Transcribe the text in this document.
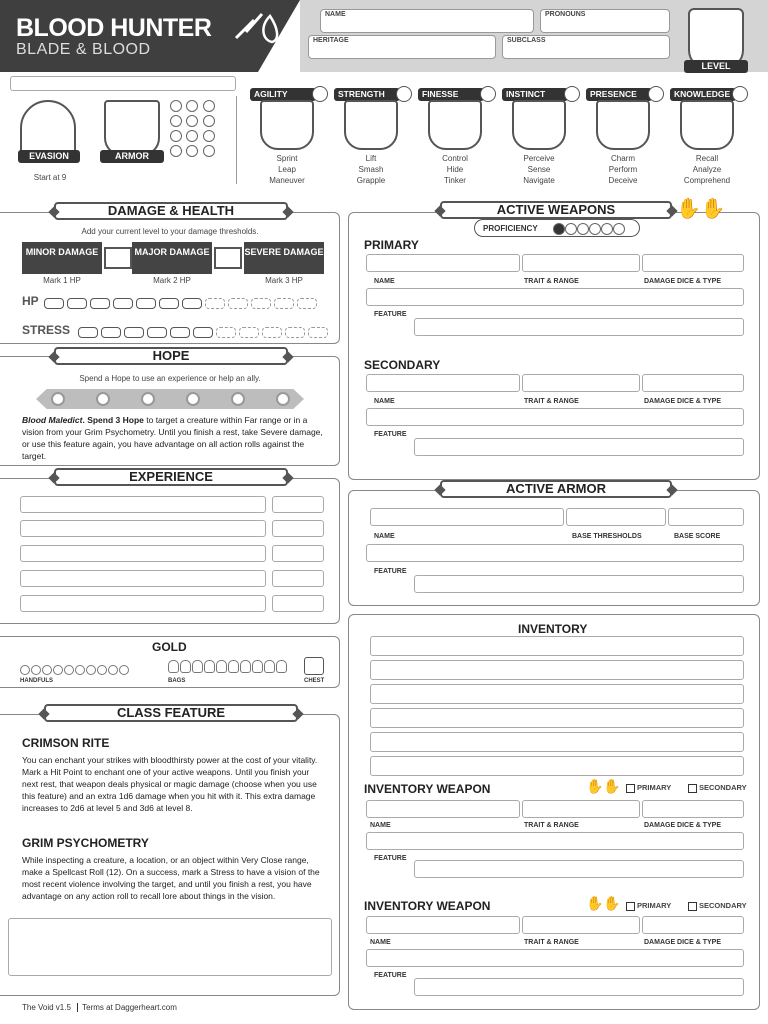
BLOOD HUNTER
BLADE & BLOOD
NAME	PRONOUNS
HERITAGE	SUBCLASS
LEVEL
EVASION
Start at 9
ARMOR

AGILITY
Sprint
Leap
Maneuver
STRENGTH
Lift
Smash
Grapple
FINESSE
Control
Hide
Tinker
INSTINCT
Perceive
Sense
Navigate
PRESENCE
Charm
Perform
Deceive
KNOWLEDGE
Recall
Analyze
Comprehend
DAMAGE & HEALTH
Add your current level to your damage thresholds.
MINOR DAMAGE	MAJOR DAMAGE	SEVERE DAMAGE
Mark 1 HP	Mark 2 HP	Mark 3 HP
HP
STRESS
HOPE
Spend a Hope to use an experience or help an ally.
Blood Maledict. Spend 3 Hope to target a creature within Far range or in a vision from your Grim Psychometry. Until you finish a rest, take Severe damage, or use this feature again, you have advantage on all action rolls against the target.
EXPERIENCE
GOLD
HANDFULS	BAGS	CHEST
CLASS FEATURE
CRIMSON RITE
You can enchant your strikes with bloodthirsty power at the cost of your vitality. Mark a Hit Point to enchant one of your active weapons. Until you finish your next rest, that weapon deals physical or magic damage (choose when you use this feature) and an extra 1d6 damage when you hit with it. This extra damage increases to 2d6 at level 5 and 3d6 at level 8.
GRIM PSYCHOMETRY
While inspecting a creature, a location, or an object within Very Close range, make a Spellcast Roll (12). On a success, mark a Stress to have a vision of the most recent violence involving the target, and until you finish a rest, you have advantage on any action roll to recall lore about things in the vision.
The Void v1.5 Terms at Daggerheart.com
ACTIVE WEAPONS	✋✋
PROFICIENCY
PRIMARY
NAME	TRAIT & RANGE	DAMAGE DICE & TYPE
FEATURE
SECONDARY
NAME	TRAIT & RANGE	DAMAGE DICE & TYPE
FEATURE
ACTIVE ARMOR
NAME	BASE THRESHOLDS	BASE SCORE
FEATURE
INVENTORY
INVENTORY WEAPON	✋✋	PRIMARY	SECONDARY
NAME	TRAIT & RANGE	DAMAGE DICE & TYPE
FEATURE
INVENTORY WEAPON	✋✋	PRIMARY	SECONDARY
NAME	TRAIT & RANGE	DAMAGE DICE & TYPE
FEATURE
